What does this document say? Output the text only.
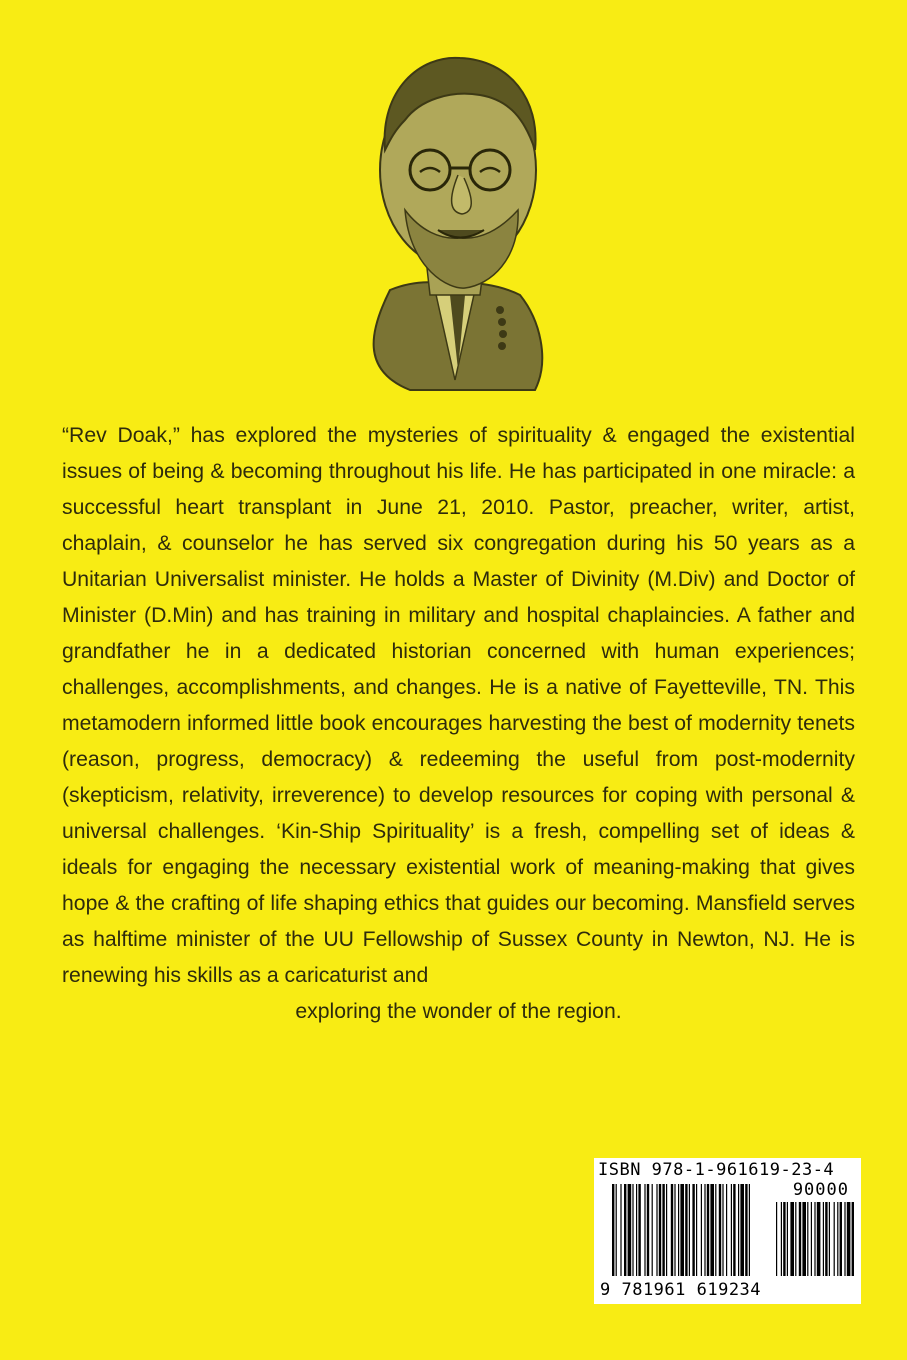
“Rev Doak,” has explored the mysteries of spirituality & engaged the existential issues of being & becoming throughout his life. He has participated in one miracle: a successful heart transplant in June 21, 2010. Pastor, preacher, writer, artist, chaplain, & counselor he has served six congregation during his 50 years as a Unitarian Universalist minister. He holds a Master of Divinity (M.Div) and Doctor of Minister (D.Min) and has training in military and hospital chaplaincies. A father and grandfather he in a dedicated historian concerned with human experiences; challenges, accomplishments, and changes. He is a native of Fayetteville, TN. This metamodern informed little book encourages harvesting the best of modernity tenets (reason, progress, democracy) & redeeming the useful from post-modernity (skepticism, relativity, irreverence) to develop resources for coping with personal & universal challenges. ‘Kin-Ship Spirituality’ is a fresh, compelling set of ideas & ideals for engaging the necessary existential work of meaning-making that gives hope & the crafting of life shaping ethics that guides our becoming. Mansfield serves as halftime minister of the UU Fellowship of Sussex County in Newton, NJ. He is renewing his skills as a caricaturist and
exploring the wonder of the region.

ISBN 978-1-961619-23-4
90000
9 781961 619234
